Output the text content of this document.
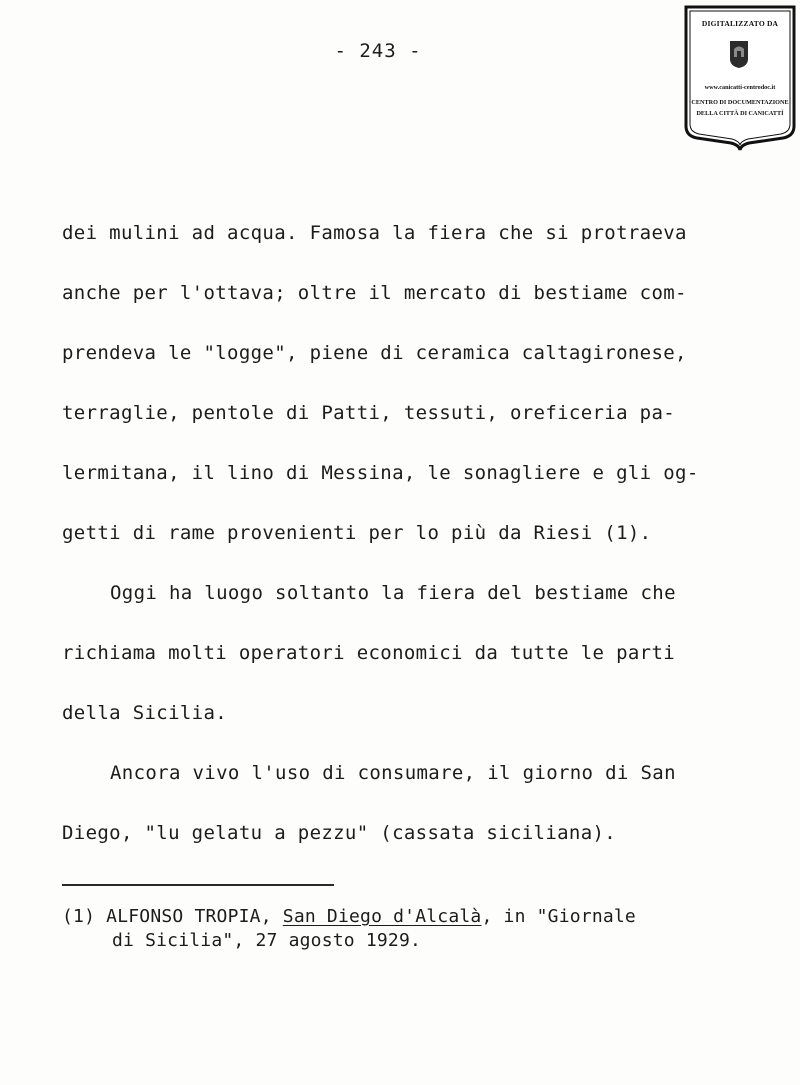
- 243 -
DIGITALIZZATO DA
www.canicatti-centrodoc.it
CENTRO DI DOCUMENTAZIONE
DELLA CITTÀ DI CANICATTÌ
dei mulini ad acqua. Famosa la fiera che si protraeva
anche per l'ottava; oltre il mercato di bestiame com-
prendeva le "logge", piene di ceramica caltagironese,
terraglie, pentole di Patti, tessuti, oreficeria pa-
lermitana, il lino di Messina, le sonagliere e gli og-
getti di rame provenienti per lo più da Riesi (1).
Oggi ha luogo soltanto la fiera del bestiame che
richiama molti operatori economici da tutte le parti
della Sicilia.
Ancora vivo l'uso di consumare, il giorno di San
Diego, "lu gelatu a pezzu" (cassata siciliana).
(1) ALFONSO TROPIA, San Diego d'Alcalà, in "Giornale
di Sicilia", 27 agosto 1929.
